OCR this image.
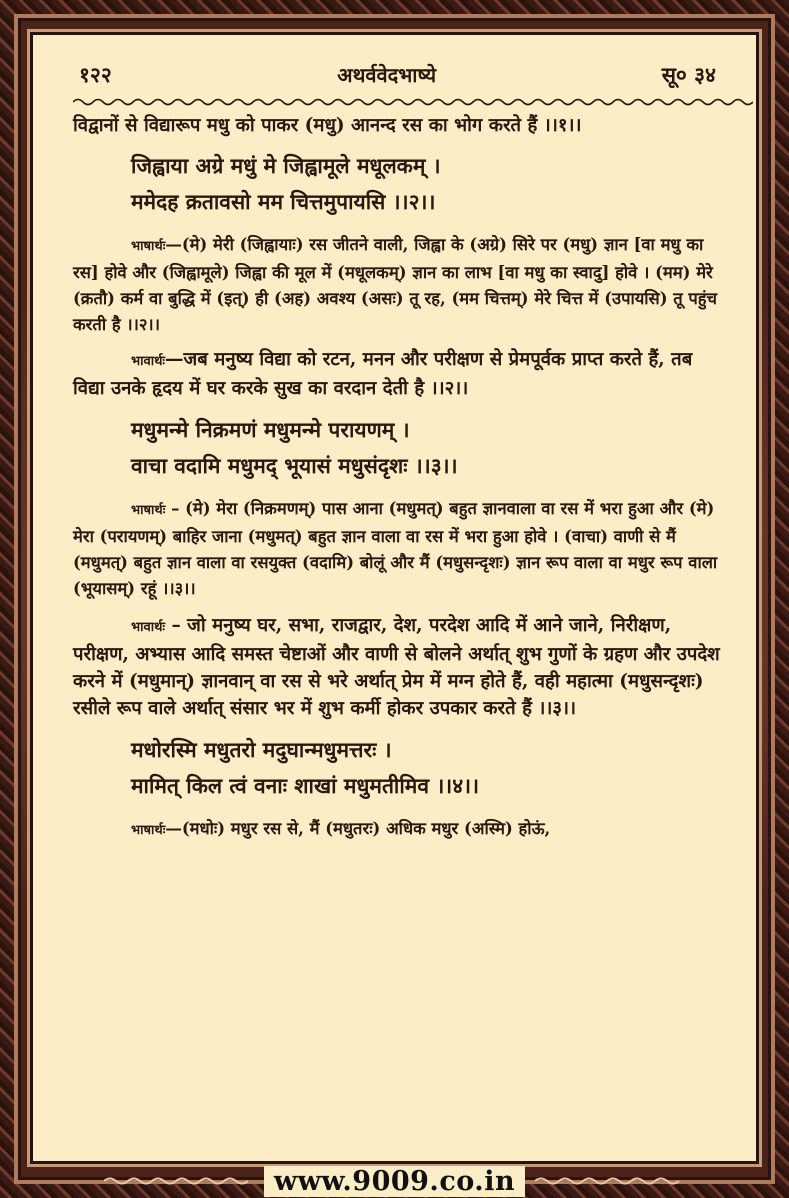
१२२	अथर्ववेदभाष्ये	सू० ३४
विद्वानों से विद्यारूप मधु को पाकर (मधु) आनन्द रस का भोग करते हैं ।।१।।
जिह्वाया अग्रे मधुं मे जिह्वामूले मधूलकम् ।
ममेदह क्रतावसो मम चित्तमुपायसि ।।२।।
भाषार्थः—(मे) मेरी (जिह्वायाः) रस जीतने वाली, जिह्वा के (अग्रे) सिरे पर (मधु) ज्ञान [वा मधु का रस] होवे और (जिह्वामूले) जिह्वा की मूल में (मधूलकम्) ज्ञान का लाभ [वा मधु का स्वादु] होवे । (मम) मेरे (क्रतौ) कर्म वा बुद्धि में (इत्) ही (अह) अवश्य (असः) तू रह, (मम चित्तम्) मेरे चित्त में (उपायसि) तू पहुंच करती है ।।२।।
भावार्थः—जब मनुष्य विद्या को रटन, मनन और परीक्षण से प्रेमपूर्वक प्राप्त करते हैं, तब विद्या उनके हृदय में घर करके सुख का वरदान देती है ।।२।।
मधुमन्मे निक्रमणं मधुमन्मे परायणम् ।
वाचा वदामि मधुमद् भूयासं मधुसंदृशः ।।३।।
भाषार्थः – (मे) मेरा (निक्रमणम्) पास आना (मधुमत्) बहुत ज्ञानवाला वा रस में भरा हुआ और (मे) मेरा (परायणम्) बाहिर जाना (मधुमत्) बहुत ज्ञान वाला वा रस में भरा हुआ होवे । (वाचा) वाणी से मैं (मधुमत्) बहुत ज्ञान वाला वा रसयुक्त (वदामि) बोलूं और मैं (मधुसन्दृशः) ज्ञान रूप वाला वा मधुर रूप वाला (भूयासम्) रहूं ।।३।।
भावार्थः – जो मनुष्य घर, सभा, राजद्वार, देश, परदेश आदि में आने जाने, निरीक्षण, परीक्षण, अभ्यास आदि समस्त चेष्टाओं और वाणी से बोलने अर्थात् शुभ गुणों के ग्रहण और उपदेश करने में (मधुमान्) ज्ञानवान् वा रस से भरे अर्थात् प्रेम में मग्न होते हैं, वही महात्मा (मधुसन्दृशः) रसीले रूप वाले अर्थात् संसार भर में शुभ कर्मी होकर उपकार करते हैं ।।३।।
मधोरस्मि मधुतरो मदुघान्मधुमत्तरः ।
मामित् किल त्वं वनाः शाखां मधुमतीमिव ।।४।।
भाषार्थः—(मधोः) मधुर रस से, मैं (मधुतरः) अधिक मधुर (अस्मि) होऊं,
www.9009.co.in
